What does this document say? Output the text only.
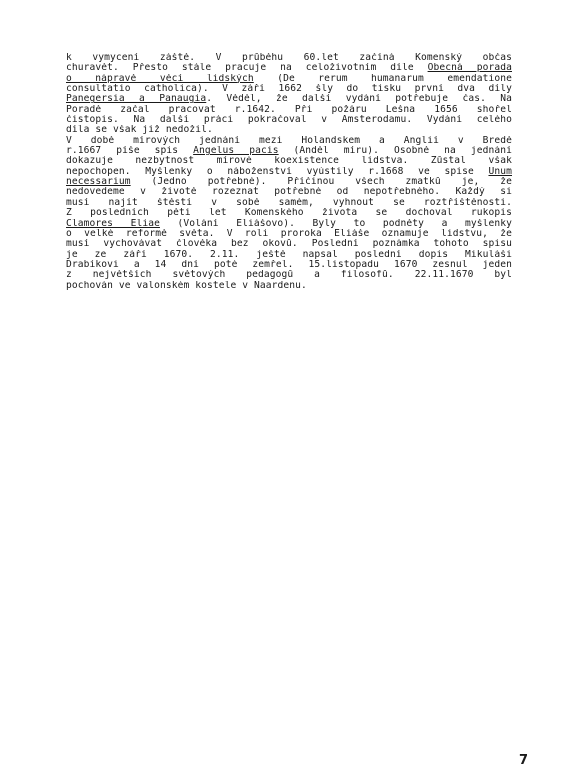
k vymycení záště. V průběhu 60.let začíná Komenský občas
churavět. Přesto stále pracuje na celoživotním díle Obecná porada
o nápravě věcí lidských (De rerum humanarum emendatione
consultatio catholica). V září 1662 šly do tisku první dva díly
Panegersia a Panaugia. Věděl, že další vydání potřebuje čas. Na
Poradě začal pracovat r.1642. Při požáru Lešna 1656 shořel
čistopis. Na další práci pokračoval v Amsterodamu. Vydání celého
díla se však již nedožil.
V době mírových jednání mezi Holandskem a Anglií v Bredě
r.1667 píše spis Angelus pacis (Anděl míru). Osobně na jednání
dokazuje nezbytnost mírové koexistence lidstva. Zůstal však
nepochopen. Myšlenky o náboženství vyústily r.1668 ve spise Unum
necessarium (Jedno potřebné). Příčinou všech zmatků je, že
nedovedeme v životě rozeznat potřebné od nepotřebného. Každý si
musí najít štěstí v sobě samém, vyhnout se roztříštěnosti.
Z posledních pěti let Komenského života se dochoval rukopis
Clamores Eliae (Volání Eliášovo). Byly to podněty a myšlenky
o velké reformě světa. V roli proroka Eliáše oznamuje lidstvu, že
musí vychovávat člověka bez okovů. Poslední poznámka tohoto spisu
je ze září 1670. 2.11. ještě napsal poslední dopis Mikuláši
Drabíkovi a 14 dní poté zemřel. 15.listopadu 1670 zesnul jeden
z největších světových pedagogů a filosofů. 22.11.1670 byl
pochován ve valonském kostele v Naardenu.
7
